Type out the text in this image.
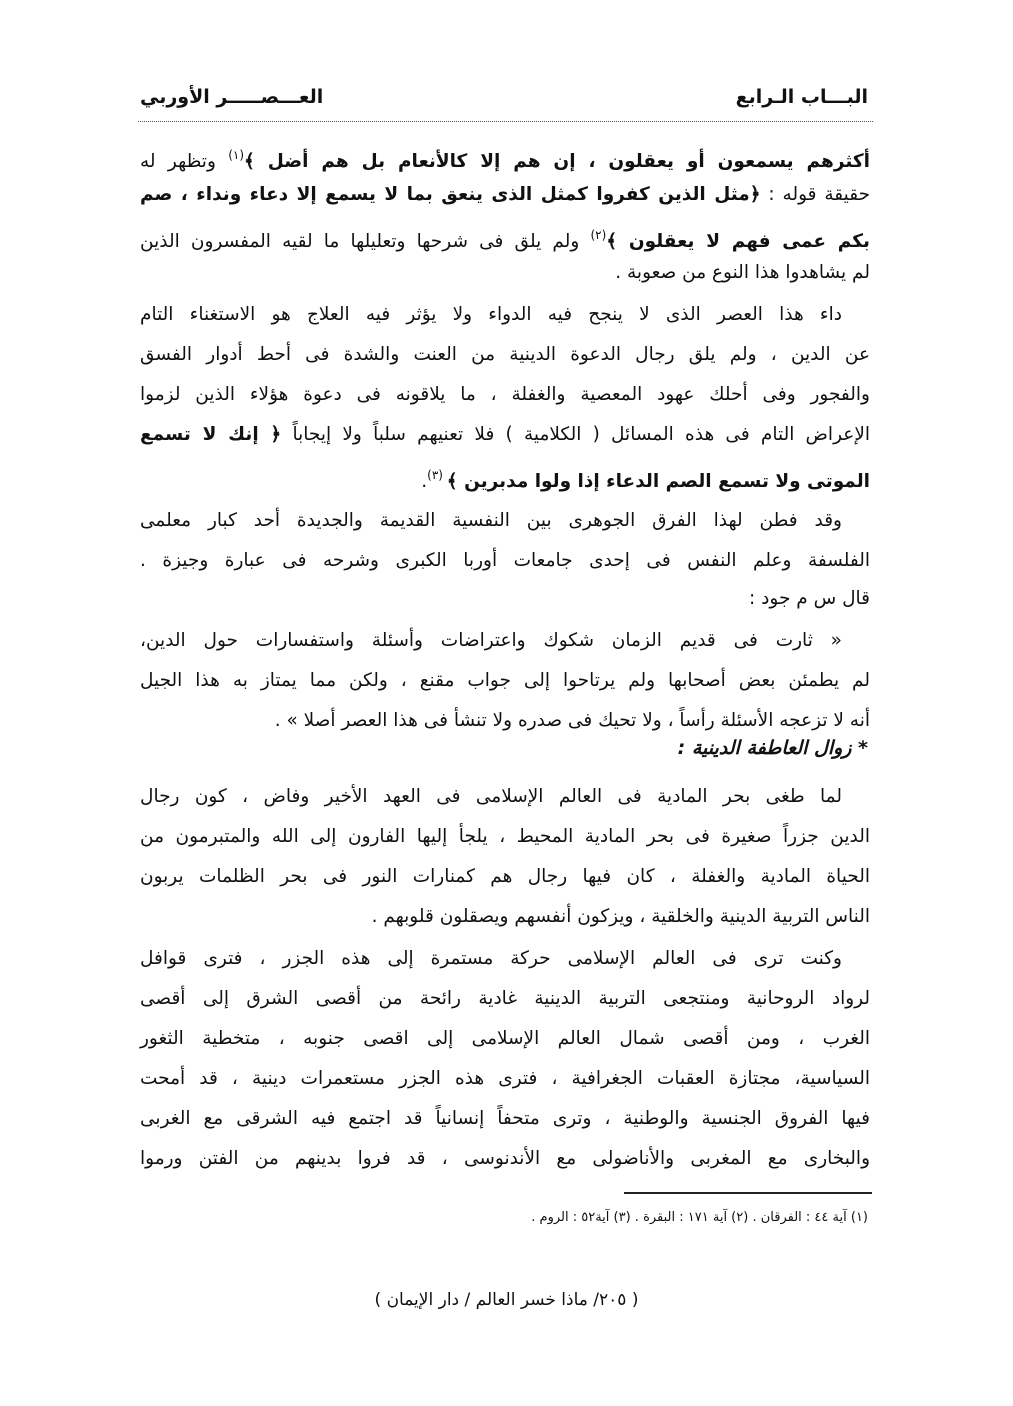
البـــاب الـرابع
العـــصـــــر الأوربي
أكثرهم يسمعون أو يعقلون ، إن هم إلا كالأنعام بل هم أضل ﴾$^{(١)}$ وتظهر له
حقيقة قوله : ﴿مثل الذين كفروا كمثل الذى ينعق بما لا يسمع إلا دعاء ونداء ، صم
بكم عمى فهم لا يعقلون ﴾$^{(٢)}$ ولم يلق فى شرحها وتعليلها ما لقيه المفسرون الذين
لم يشاهدوا هذا النوع من صعوبة .
داء هذا العصر الذى لا ينجح فيه الدواء ولا يؤثر فيه العلاج هو الاستغناء التام
عن الدين ، ولم يلق رجال الدعوة الدينية من العنت والشدة فى أحط أدوار الفسق
والفجور وفى أحلك عهود المعصية والغفلة ، ما يلاقونه فى دعوة هؤلاء الذين لزموا
الإعراض التام فى هذه المسائل ( الكلامية ) فلا تعنيهم سلباً ولا إيجاباً ﴿ إنك لا تسمع
الموتى ولا تسمع الصم الدعاء إذا ولوا مدبرين ﴾ $^{(٣)}$.
وقد فطن لهذا الفرق الجوهرى بين النفسية القديمة والجديدة أحد كبار معلمى
الفلسفة وعلم النفس فى إحدى جامعات أوربا الكبرى وشرحه فى عبارة وجيزة .
قال س م جود :
« ثارت فى قديم الزمان شكوك واعتراضات وأسئلة واستفسارات حول الدين،
لم يطمئن بعض أصحابها ولم يرتاحوا إلى جواب مقنع ، ولكن مما يمتاز به هذا الجيل
أنه لا تزعجه الأسئلة رأساً ، ولا تحيك فى صدره ولا تنشأ فى هذا العصر أصلا » .
لما طغى بحر المادية فى العالم الإسلامى فى العهد الأخير وفاض ، كون رجال
الدين جزراً صغيرة فى بحر المادية المحيط ، يلجأ إليها الفارون إلى الله والمتبرمون من
الحياة المادية والغفلة ، كان فيها رجال هم كمنارات النور فى بحر الظلمات يربون
الناس التربية الدينية والخلقية ، ويزكون أنفسهم ويصقلون قلوبهم .
وكنت ترى فى العالم الإسلامى حركة مستمرة إلى هذه الجزر ، فترى قوافل
لرواد الروحانية ومنتجعى التربية الدينية غادية رائحة من أقصى الشرق إلى أقصى
الغرب ، ومن أقصى شمال العالم الإسلامى إلى اقصى جنوبه ، متخطية الثغور
السياسية، مجتازة العقبات الجغرافية ، فترى هذه الجزر مستعمرات دينية ، قد أمحت
فيها الفروق الجنسية والوطنية ، وترى متحفاً إنسانياً قد اجتمع فيه الشرقى مع الغربى
والبخارى مع المغربى والأناضولى مع الأندنوسى ، قد فروا بدينهم من الفتن ورموا
* زوال العاطفة الدينية :
(١) آية ٤٤ : الفرقان . (٢) آية ١٧١ : البقرة . (٣) آية٥٢ : الروم .
( ٢٠٥/ ماذا خسر العالم / دار الإيمان )
